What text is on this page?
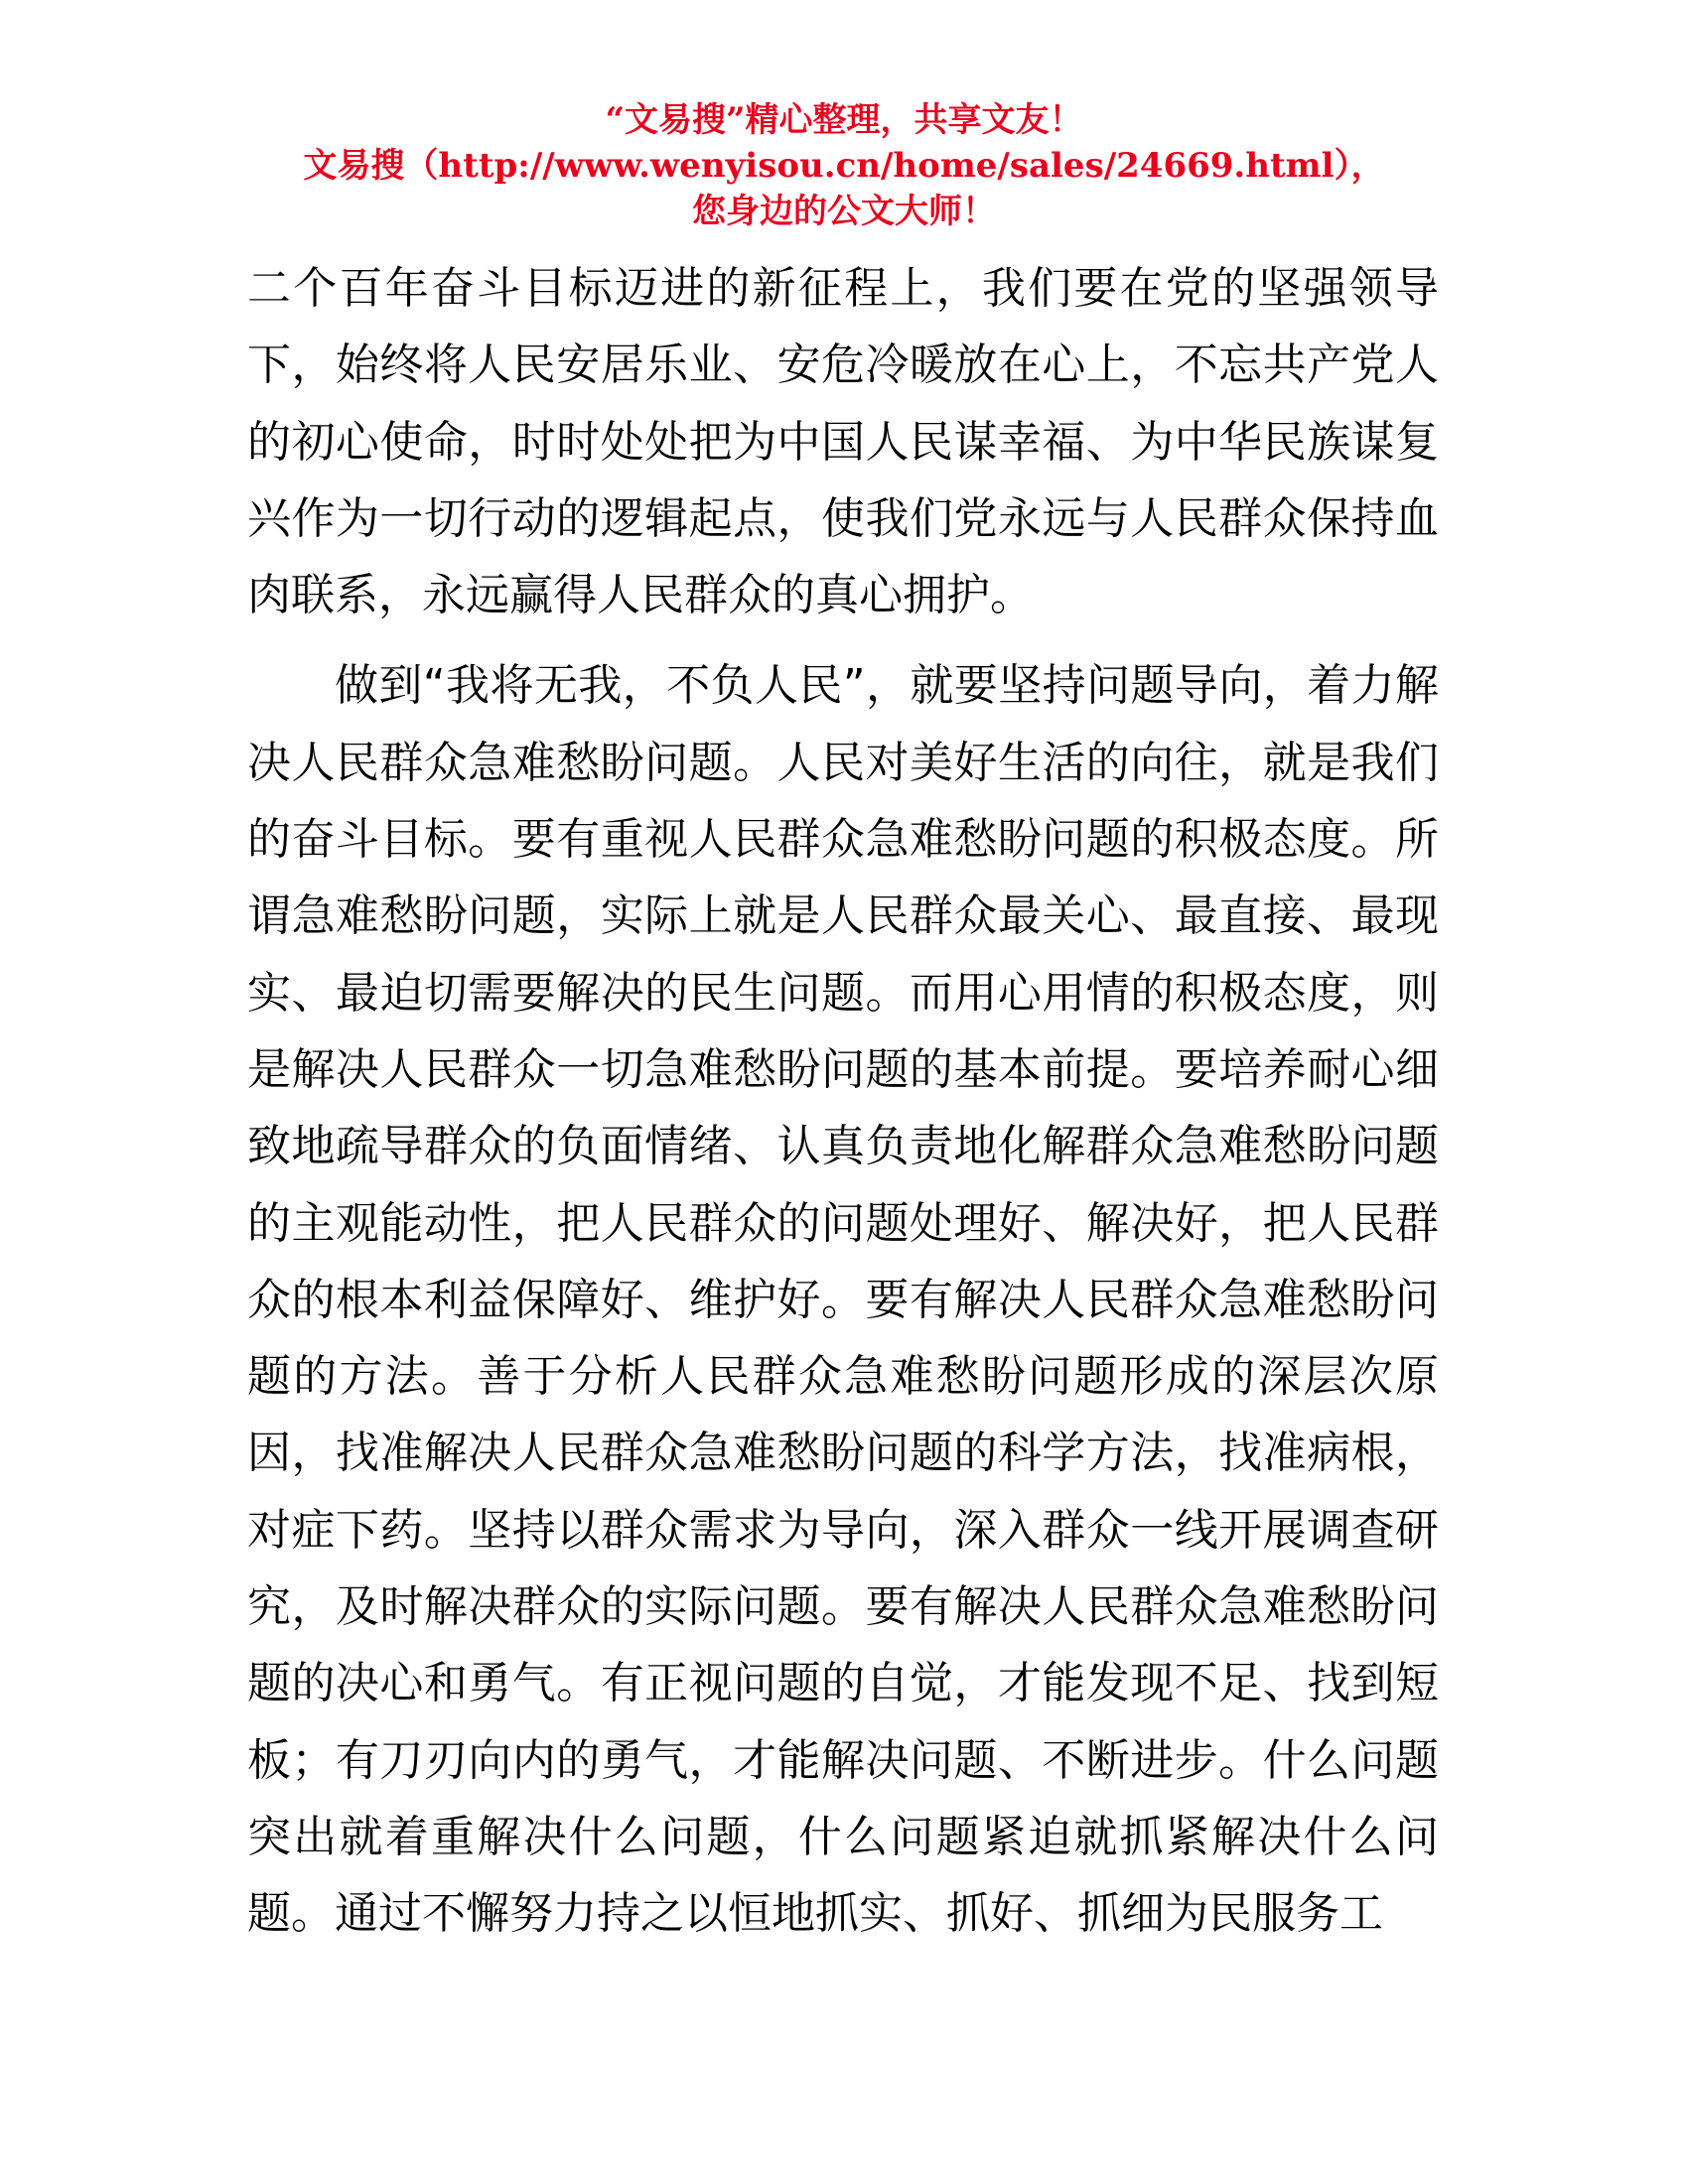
“文易搜”精心整理，共享文友！
文易搜（http://www.wenyisou.cn/home/sales/24669.html），
您身边的公文大师！

二个百年奋斗目标迈进的新征程上，我们要在党的坚强领导下，始终将人民安居乐业、安危冷暖放在心上，不忘共产党人的初心使命，时时处处把为中国人民谋幸福、为中华民族谋复兴作为一切行动的逻辑起点，使我们党永远与人民群众保持血肉联系，永远赢得人民群众的真心拥护。

做到“我将无我，不负人民”，就要坚持问题导向，着力解决人民群众急难愁盼问题。人民对美好生活的向往，就是我们的奋斗目标。要有重视人民群众急难愁盼问题的积极态度。所谓急难愁盼问题，实际上就是人民群众最关心、最直接、最现实、最迫切需要解决的民生问题。而用心用情的积极态度，则是解决人民群众一切急难愁盼问题的基本前提。要培养耐心细致地疏导群众的负面情绪、认真负责地化解群众急难愁盼问题的主观能动性，把人民群众的问题处理好、解决好，把人民群众的根本利益保障好、维护好。要有解决人民群众急难愁盼问题的方法。善于分析人民群众急难愁盼问题形成的深层次原因，找准解决人民群众急难愁盼问题的科学方法，找准病根，对症下药。坚持以群众需求为导向，深入群众一线开展调查研究，及时解决群众的实际问题。要有解决人民群众急难愁盼问题的决心和勇气。有正视问题的自觉，才能发现不足、找到短板；有刀刃向内的勇气，才能解决问题、不断进步。什么问题突出就着重解决什么问题，什么问题紧迫就抓紧解决什么问题。通过不懈努力持之以恒地抓实、抓好、抓细为民服务工
